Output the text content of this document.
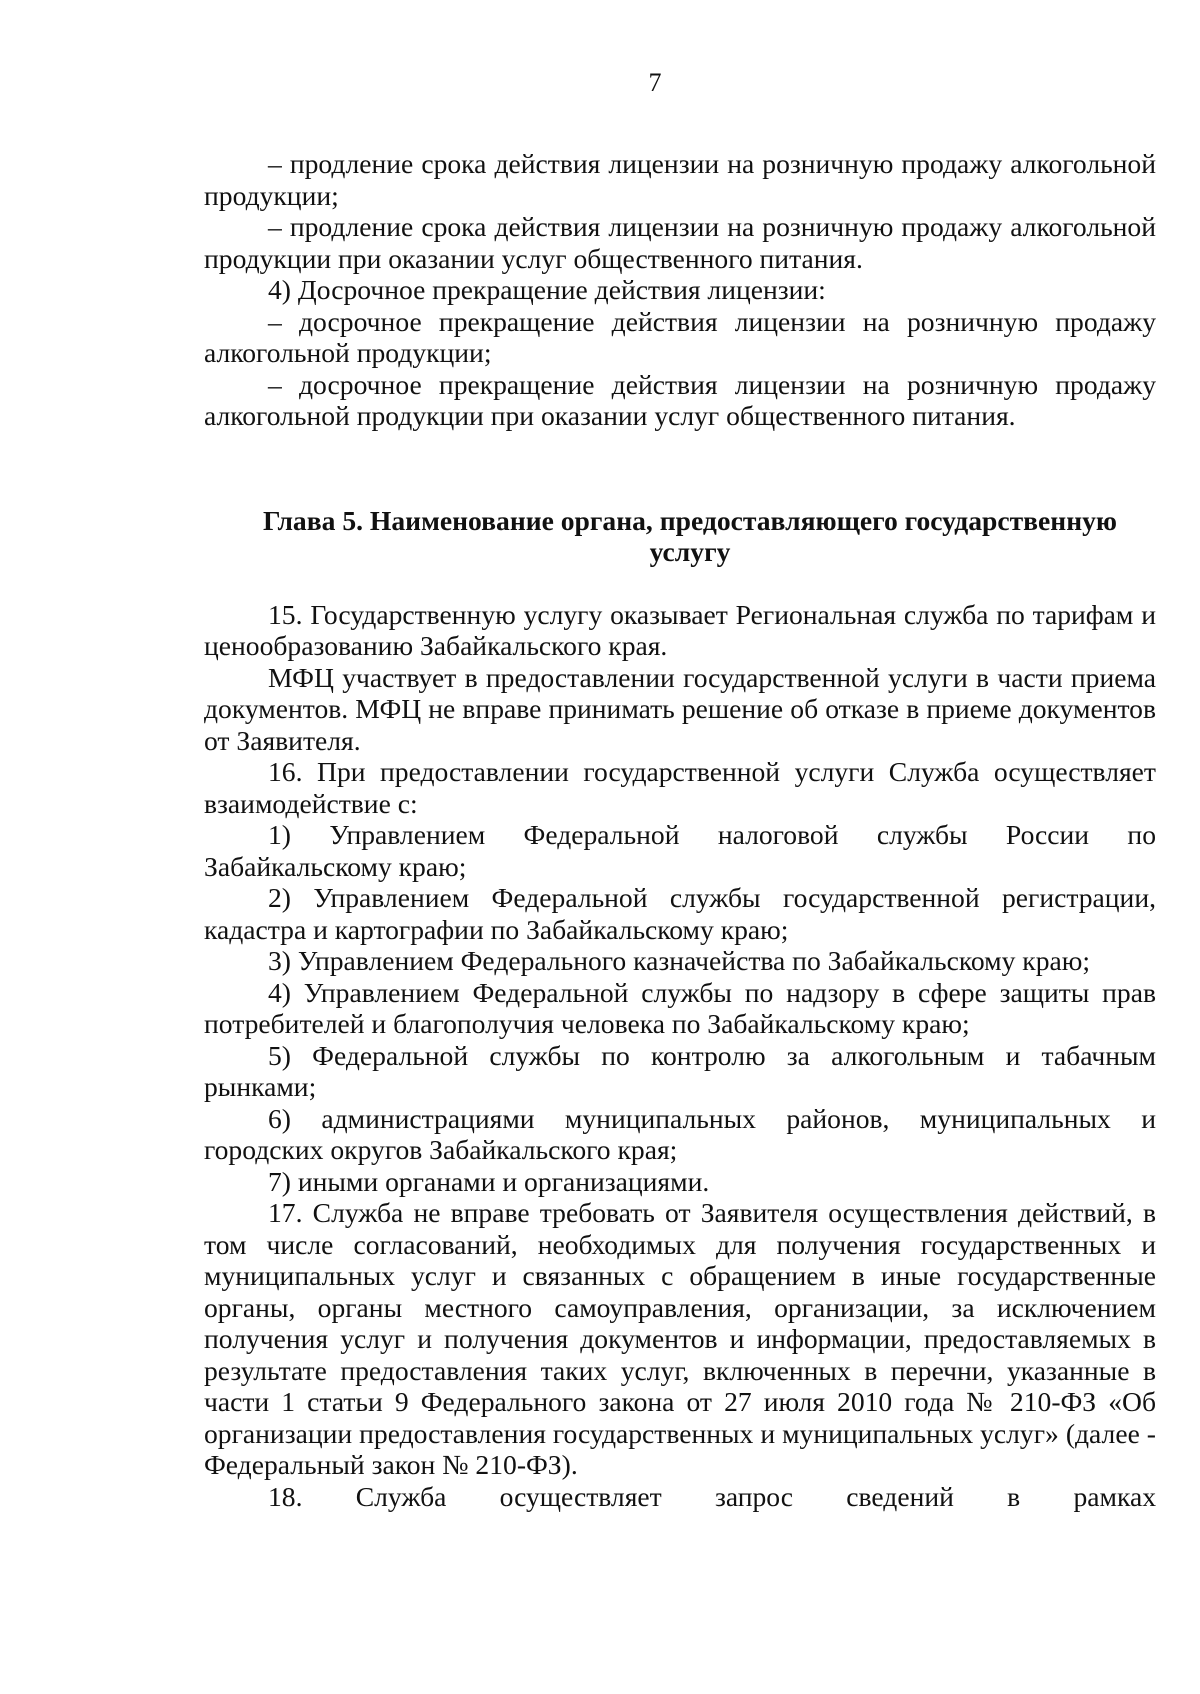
7

– продление срока действия лицензии на розничную продажу алкогольной продукции;

– продление срока действия лицензии на розничную продажу алкогольной продукции при оказании услуг общественного питания.

4) Досрочное прекращение действия лицензии:

– досрочное прекращение действия лицензии на розничную продажу алкогольной продукции;

– досрочное прекращение действия лицензии на розничную продажу алкогольной продукции при оказании услуг общественного питания.

Глава 5. Наименование органа, предоставляющего государственную услугу

15. Государственную услугу оказывает Региональная служба по тарифам и ценообразованию Забайкальского края.

МФЦ участвует в предоставлении государственной услуги в части приема документов. МФЦ не вправе принимать решение об отказе в приеме документов от Заявителя.

16. При предоставлении государственной услуги Служба осуществляет взаимодействие с:

1) Управлением Федеральной налоговой службы России по Забайкальскому краю;

2) Управлением Федеральной службы государственной регистрации, кадастра и картографии по Забайкальскому краю;

3) Управлением Федерального казначейства по Забайкальскому краю;

4) Управлением Федеральной службы по надзору в сфере защиты прав потребителей и благополучия человека по Забайкальскому краю;

5) Федеральной службы по контролю за алкогольным и табачным рынками;

6) администрациями муниципальных районов, муниципальных и городских округов Забайкальского края;

7) иными органами и организациями.

17. Служба не вправе требовать от Заявителя осуществления действий, в том числе согласований, необходимых для получения государственных и муниципальных услуг и связанных с обращением в иные государственные органы, органы местного самоуправления, организации, за исключением получения услуг и получения документов и информации, предоставляемых в результате предоставления таких услуг, включенных в перечни, указанные в части 1 статьи 9 Федерального закона от 27 июля 2010 года № 210-ФЗ «Об организации предоставления государственных и муниципальных услуг» (далее - Федеральный закон № 210-ФЗ).

18. Служба осуществляет запрос сведений в рамках
